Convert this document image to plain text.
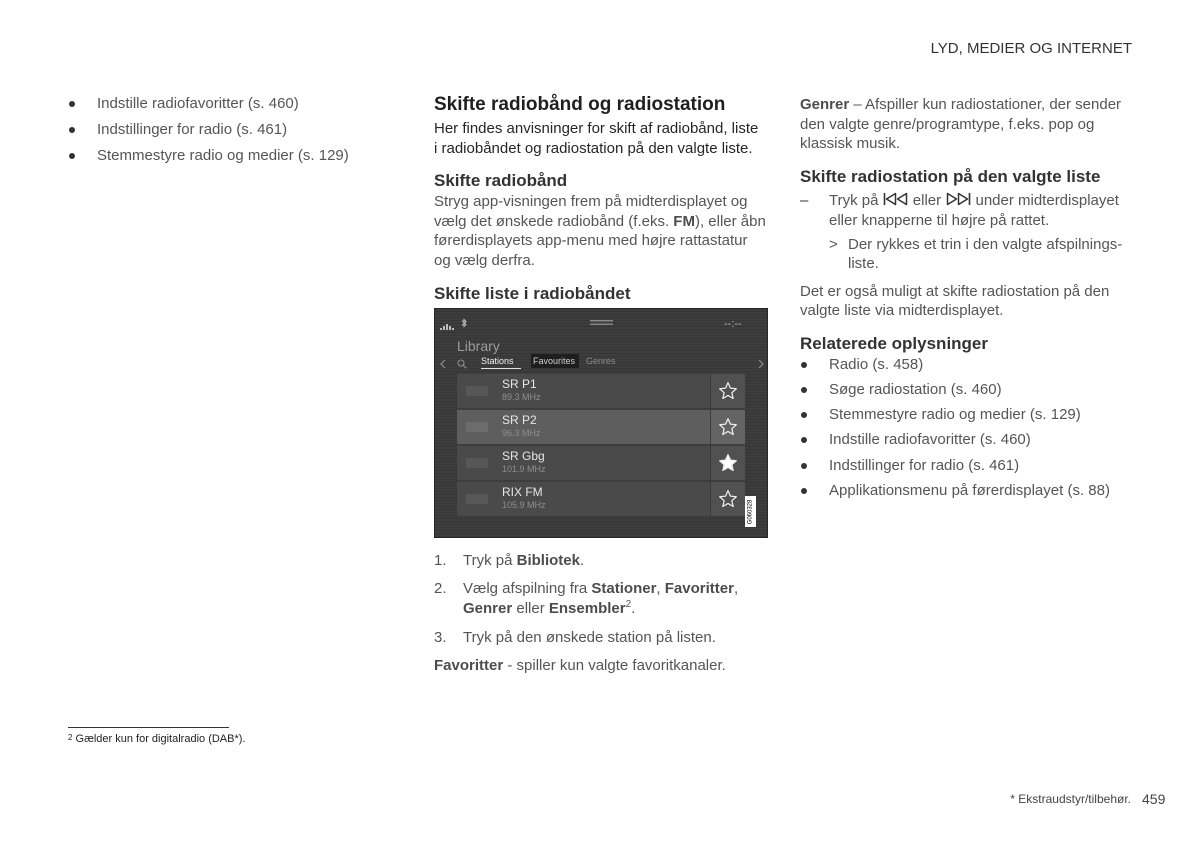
LYD, MEDIER OG INTERNET
Indstille radiofavoritter (s. 460)
Indstillinger for radio (s. 461)
Stemmestyre radio og medier (s. 129)
Skifte radiobånd og radiostation
Her findes anvisninger for skift af radiobånd, liste
i radiobåndet og radiostation på den valgte liste.
Skifte radiobånd
Stryg app-visningen frem på midterdisplayet og
vælg det ønskede radiobånd (f.eks. FM), eller åbn
førerdisplayets app-menu med højre rattastatur
og vælg derfra.
Skifte liste i radiobåndet
--:--
Library
Stations Favourites	Genres
SR P1
89.3 MHz
SR P2
96.3 MHz
SR Gbg
101.9 MHz
RIX FM
105.9 MHz	G060328
1. Tryk på Bibliotek.
2. Vælg afspilning fra Stationer, Favoritter,
Genrer eller Ensembler$^2$.
3. Tryk på den ønskede station på listen.
Favoritter - spiller kun valgte favoritkanaler.
Genrer – Afspiller kun radiostationer, der sender
den valgte genre/programtype, f.eks. pop og
klassisk musik.
Skifte radiostation på den valgte liste
– Tryk på  eller  under midterdisplayet
eller knapperne til højre på rattet.
> Der rykkes et trin i den valgte afspilnings-
liste.
Det er også muligt at skifte radiostation på den
valgte liste via midterdisplayet.
Relaterede oplysninger
Radio (s. 458)
Søge radiostation (s. 460)
Stemmestyre radio og medier (s. 129)
Indstille radiofavoritter (s. 460)
Indstillinger for radio (s. 461)
Applikationsmenu på førerdisplayet (s. 88)
$^2$ Gælder kun for digitalradio (DAB*).
* Ekstraudstyr/tilbehør. 459
